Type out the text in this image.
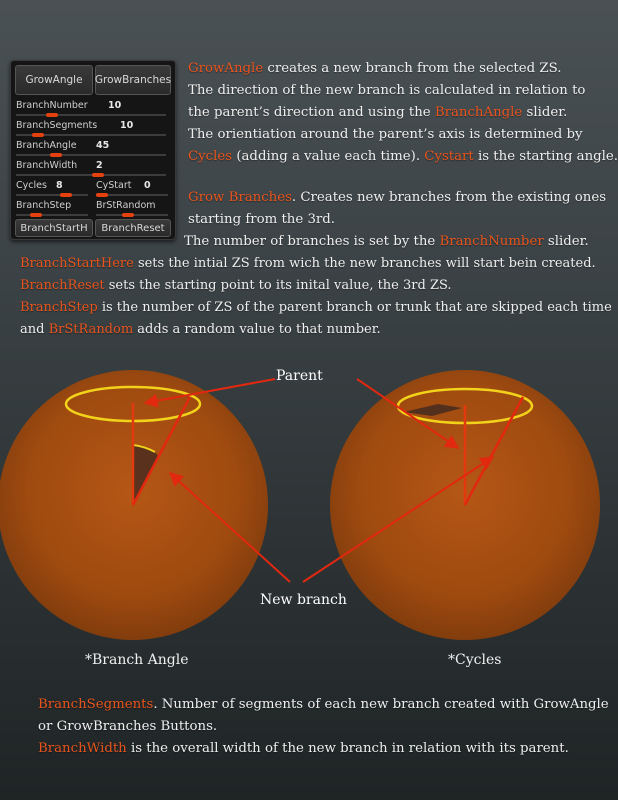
GrowAngle	GrowBranches
BranchNumber 10
BranchSegments 10
BranchAngle 45
BranchWidth 2
Cycles 8	CyStart 0
BranchStep	BrStRandom
BranchStartH	BranchReset
GrowAngle creates a new branch from the selected ZS.
The direction of the new branch is calculated in relation to
the parent’s direction and using the BranchAngle slider.
The orientiation around the parent’s axis is determined by
Cycles (adding a value each time). Cystart is the starting angle.
Grow Branches. Creates new branches from the existing ones
starting from the 3rd.
The number of branches is set by the BranchNumber slider.
BranchStartHere sets the intial ZS from wich the new branches will start bein created.
BranchReset sets the starting point to its inital value, the 3rd ZS.
BranchStep is the number of ZS of the parent branch or trunk that are skipped each time
and BrStRandom adds a random value to that number.
Parent
New branch
*Branch Angle	*Cycles
BranchSegments. Number of segments of each new branch created with GrowAngle
or GrowBranches Buttons.
BranchWidth is the overall width of the new branch in relation with its parent.
